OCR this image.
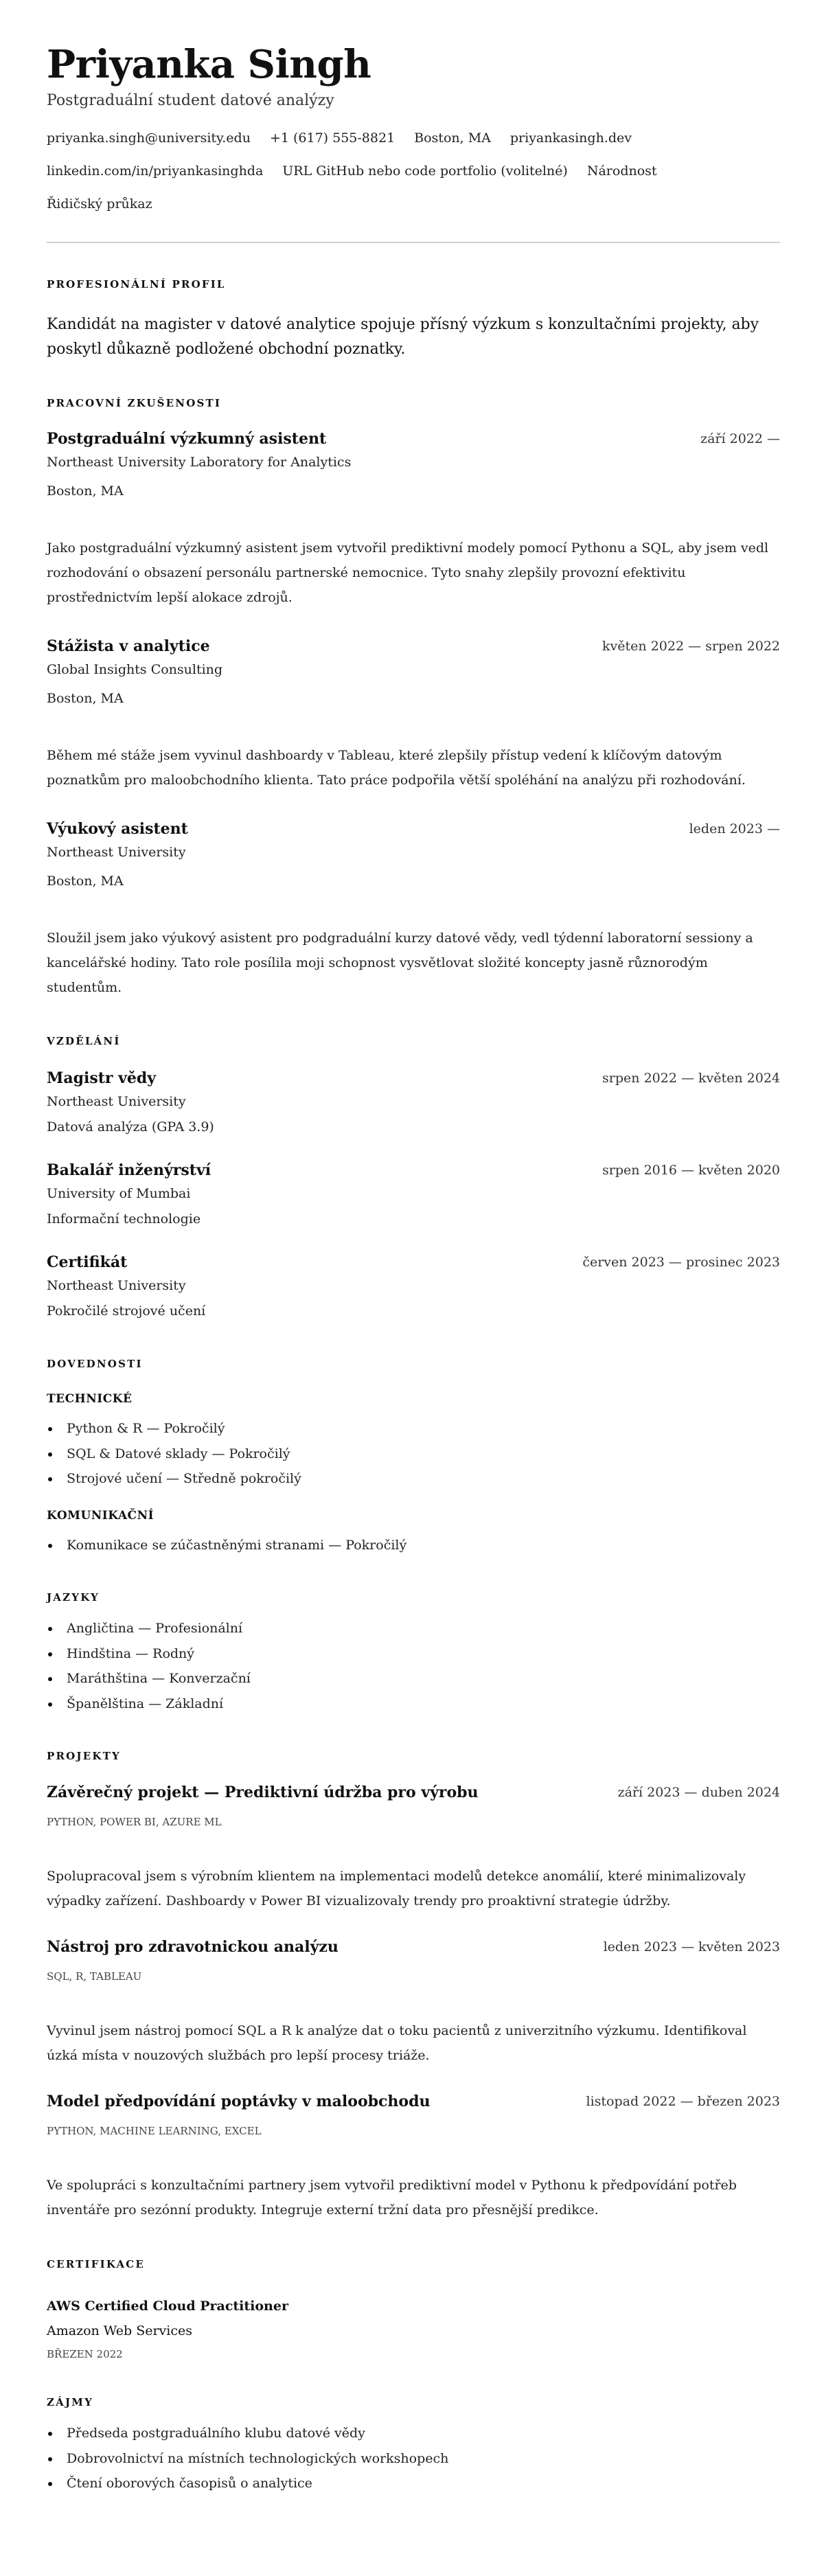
Priyanka Singh
Postgraduální student datové analýzy
priyanka.singh@university.edu +1 (617) 555-8821 Boston, MA priyankasingh.dev
linkedin.com/in/priyankasinghda URL GitHub nebo code portfolio (volitelné) Národnost
Řidičský průkaz
PROFESIONÁLNÍ PROFIL

Kandidát na magister v datové analytice spojuje přísný výzkum s konzultačními projekty, aby poskytl důkazně podložené obchodní poznatky.

PRACOVNÍ ZKUŠENOSTI
Postgraduální výzkumný asistent	září 2022 —
Northeast University Laboratory for Analytics
Boston, MA

Jako postgraduální výzkumný asistent jsem vytvořil prediktivní modely pomocí Pythonu a SQL, aby jsem vedl rozhodování o obsazení personálu partnerské nemocnice. Tyto snahy zlepšily provozní efektivitu prostřednictvím lepší alokace zdrojů.

Stážista v analytice	květen 2022 — srpen 2022
Global Insights Consulting
Boston, MA

Během mé stáže jsem vyvinul dashboardy v Tableau, které zlepšily přístup vedení k klíčovým datovým poznatkům pro maloobchodního klienta. Tato práce podpořila větší spoléhání na analýzu při rozhodování.

Výukový asistent	leden 2023 —
Northeast University
Boston, MA

Sloužil jsem jako výukový asistent pro podgraduální kurzy datové vědy, vedl týdenní laboratorní sessiony a kancelářské hodiny. Tato role posílila moji schopnost vysvětlovat složité koncepty jasně různorodým studentům.

VZDĚLÁNÍ
Magistr vědy	srpen 2022 — květen 2024
Northeast University
Datová analýza (GPA 3.9)
Bakalář inženýrství	srpen 2016 — květen 2020
University of Mumbai
Informační technologie
Certifikát	červen 2023 — prosinec 2023
Northeast University
Pokročilé strojové učení
DOVEDNOSTI
TECHNICKÉ
Python & R — Pokročilý
SQL & Datové sklady — Pokročilý
Strojové učení — Středně pokročilý
KOMUNIKAČNÍ
Komunikace se zúčastněnými stranami — Pokročilý
JAZYKY
Angličtina — Profesionální
Hindština — Rodný
Maráthština — Konverzační
Španělština — Základní
PROJEKTY
Závěrečný projekt — Prediktivní údržba pro výrobu	září 2023 — duben 2024
PYTHON, POWER BI, AZURE ML

Spolupracoval jsem s výrobním klientem na implementaci modelů detekce anomálií, které minimalizovaly výpadky zařízení. Dashboardy v Power BI vizualizovaly trendy pro proaktivní strategie údržby.

Nástroj pro zdravotnickou analýzu	leden 2023 — květen 2023
SQL, R, TABLEAU

Vyvinul jsem nástroj pomocí SQL a R k analýze dat o toku pacientů z univerzitního výzkumu. Identifikoval úzká místa v nouzových službách pro lepší procesy triáže.

Model předpovídání poptávky v maloobchodu	listopad 2022 — březen 2023
PYTHON, MACHINE LEARNING, EXCEL

Ve spolupráci s konzultačními partnery jsem vytvořil prediktivní model v Pythonu k předpovídání potřeb inventáře pro sezónní produkty. Integruje externí tržní data pro přesnější predikce.

CERTIFIKACE
AWS Certified Cloud Practitioner
Amazon Web Services
BŘEZEN 2022
ZÁJMY
Předseda postgraduálního klubu datové vědy
Dobrovolnictví na místních technologických workshopech
Čtení oborových časopisů o analytice
